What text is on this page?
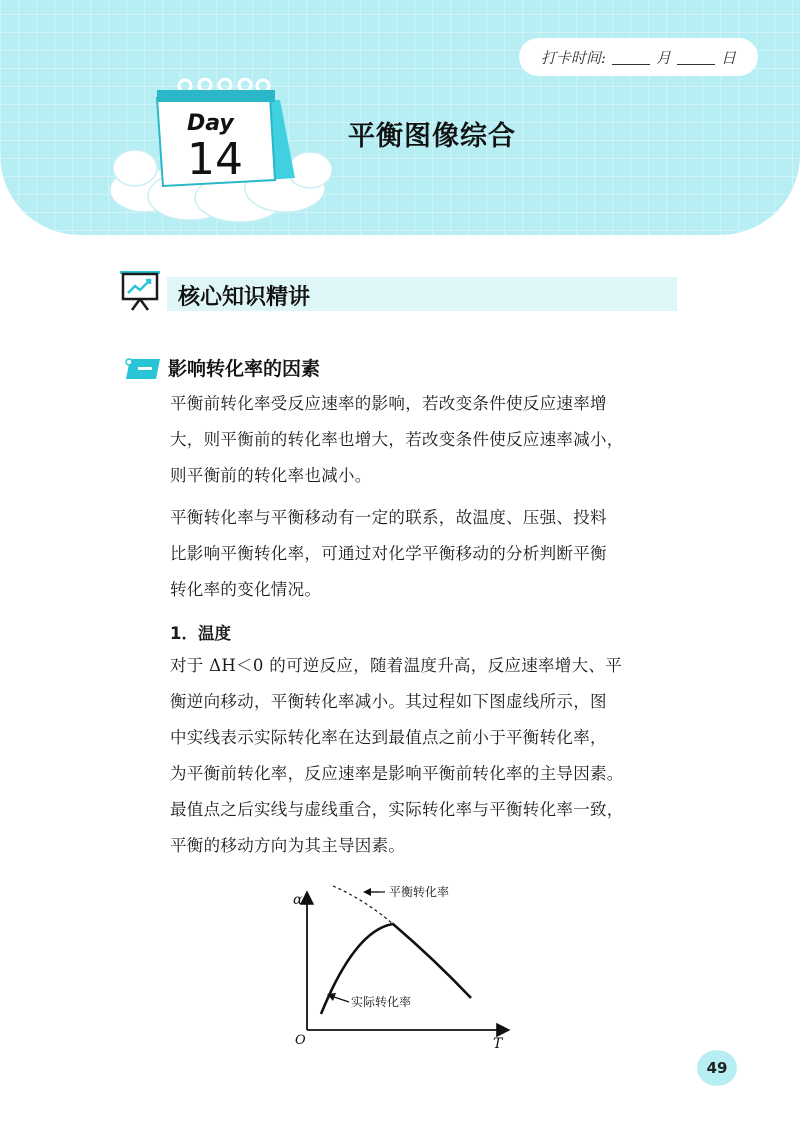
打卡时间:	月	日
Day
14	平衡图像综合
核心知识精讲
影响转化率的因素
平衡前转化率受反应速率的影响，若改变条件使反应速率增
大，则平衡前的转化率也增大，若改变条件使反应速率减小，
则平衡前的转化率也减小。
平衡转化率与平衡移动有一定的联系，故温度、压强、投料
比影响平衡转化率，可通过对化学平衡移动的分析判断平衡
转化率的变化情况。
1．温度
对于 ΔH＜0 的可逆反应，随着温度升高，反应速率增大、平
衡逆向移动，平衡转化率减小。其过程如下图虚线所示，图
中实线表示实际转化率在达到最值点之前小于平衡转化率，
为平衡前转化率，反应速率是影响平衡前转化率的主导因素。
最值点之后实线与虚线重合，实际转化率与平衡转化率一致，
平衡的移动方向为其主导因素。
α
T
O
平衡转化率
实际转化率
49
